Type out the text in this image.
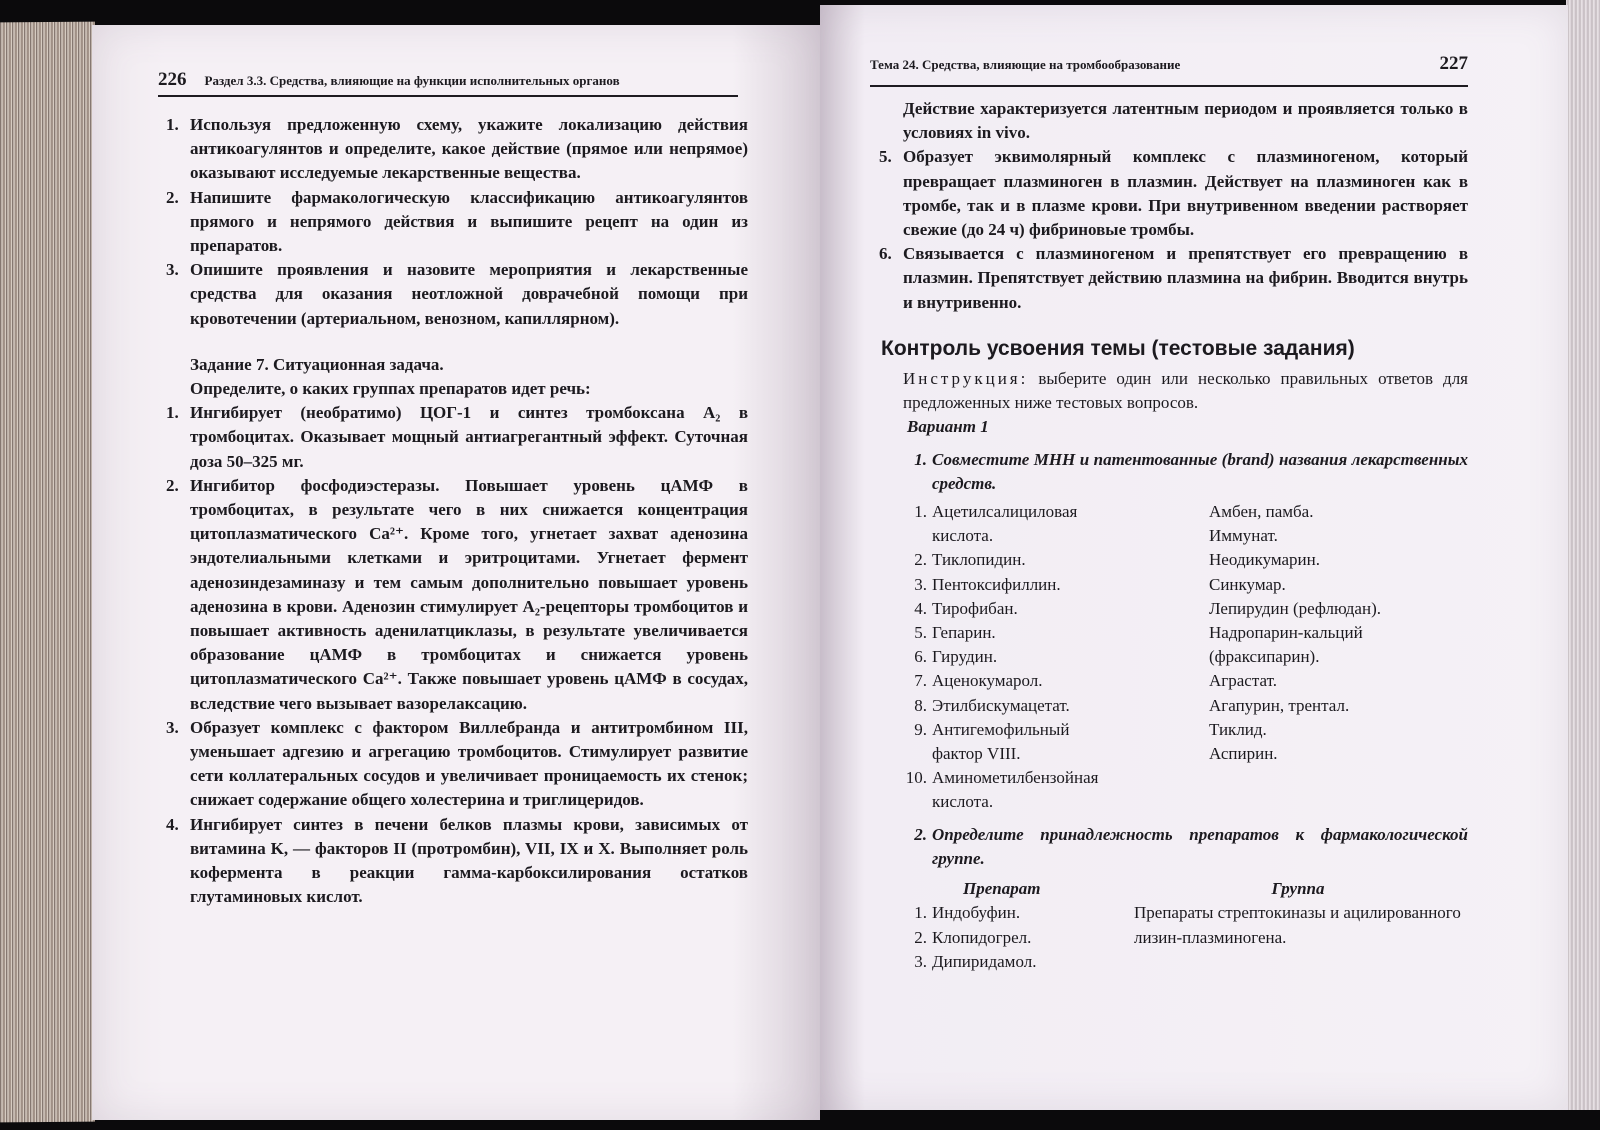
226 Раздел 3.3. Средства, влияющие на функции исполнительных органов
1. Используя предложенную схему, укажите локализацию действия антикоагулянтов и определите, какое действие (прямое или непрямое) оказывают исследуемые лекарственные вещества.
2. Напишите фармакологическую классификацию антикоагулянтов прямого и непрямого действия и выпишите рецепт на один из препаратов.
3. Опишите проявления и назовите мероприятия и лекарственные средства для оказания неотложной доврачебной помощи при кровотечении (артериальном, венозном, капиллярном).

Задание 7. Ситуационная задача.

Определите, о каких группах препаратов идет речь:

1. Ингибирует (необратимо) ЦОГ-1 и синтез тромбоксана A₂ в тромбоцитах. Оказывает мощный антиагрегантный эффект. Суточная доза 50–325 мг.
2. Ингибитор фосфодиэстеразы. Повышает уровень цАМФ в тромбоцитах, в результате чего в них снижается концентрация цитоплазматического Ca²⁺. Кроме того, угнетает захват аденозина эндотелиальными клетками и эритроцитами. Угнетает фермент аденозиндезаминазу и тем самым дополнительно повышает уровень аденозина в крови. Аденозин стимулирует A₂-рецепторы тромбоцитов и повышает активность аденилатциклазы, в результате увеличивается образование цАМФ в тромбоцитах и снижается уровень цитоплазматического Ca²⁺. Также повышает уровень цАМФ в сосудах, вследствие чего вызывает вазорелаксацию.
3. Образует комплекс с фактором Виллебранда и антитромбином III, уменьшает адгезию и агрегацию тромбоцитов. Стимулирует развитие сети коллатеральных сосудов и увеличивает проницаемость их стенок; снижает содержание общего холестерина и триглицеридов.
4. Ингибирует синтез в печени белков плазмы крови, зависимых от витамина K, — факторов II (протромбин), VII, IX и X. Выполняет роль кофермента в реакции гамма-карбоксилирования остатков глутаминовых кислот.
Тема 24. Средства, влияющие на тромбообразование	227

Действие характеризуется латентным периодом и проявляется только в условиях in vivo.

5. Образует эквимолярный комплекс с плазминогеном, который превращает плазминоген в плазмин. Действует на плазминоген как в тромбе, так и в плазме крови. При внутривенном введении растворяет свежие (до 24 ч) фибриновые тромбы.
6. Связывается с плазминогеном и препятствует его превращению в плазмин. Препятствует действию плазмина на фибрин. Вводится внутрь и внутривенно.
Контроль усвоения темы (тестовые задания)

Инструкция: выберите один или несколько правильных ответов для предложенных ниже тестовых вопросов.

Вариант 1

1. Совместите МНН и патентованные (brand) названия лекарственных средств.
1. Ацетилсалициловая
кислота.
2. Тиклопидин.
3. Пентоксифиллин.
4. Тирофибан.
5. Гепарин.
6. Гирудин.
7. Аценокумарол.
8. Этилбискумацетат.
9. Антигемофильный
фактор VIII.
10. Аминометилбензойная
кислота.
Амбен, памба.
Иммунат.
Неодикумарин.
Синкумар.
Лепирудин (рефлюдан).
Надропарин-кальций
(фраксипарин).
Аграстат.
Агапурин, трентал.
Тиклид.
Аспирин.
2. Определите принадлежность препаратов к фармакологической группе.
Препарат	Группа
1. Индобуфин.
2. Клопидогрел.
3. Дипиридамол.
Препараты стрептокиназы и ацилированного лизин-плазминогена.
